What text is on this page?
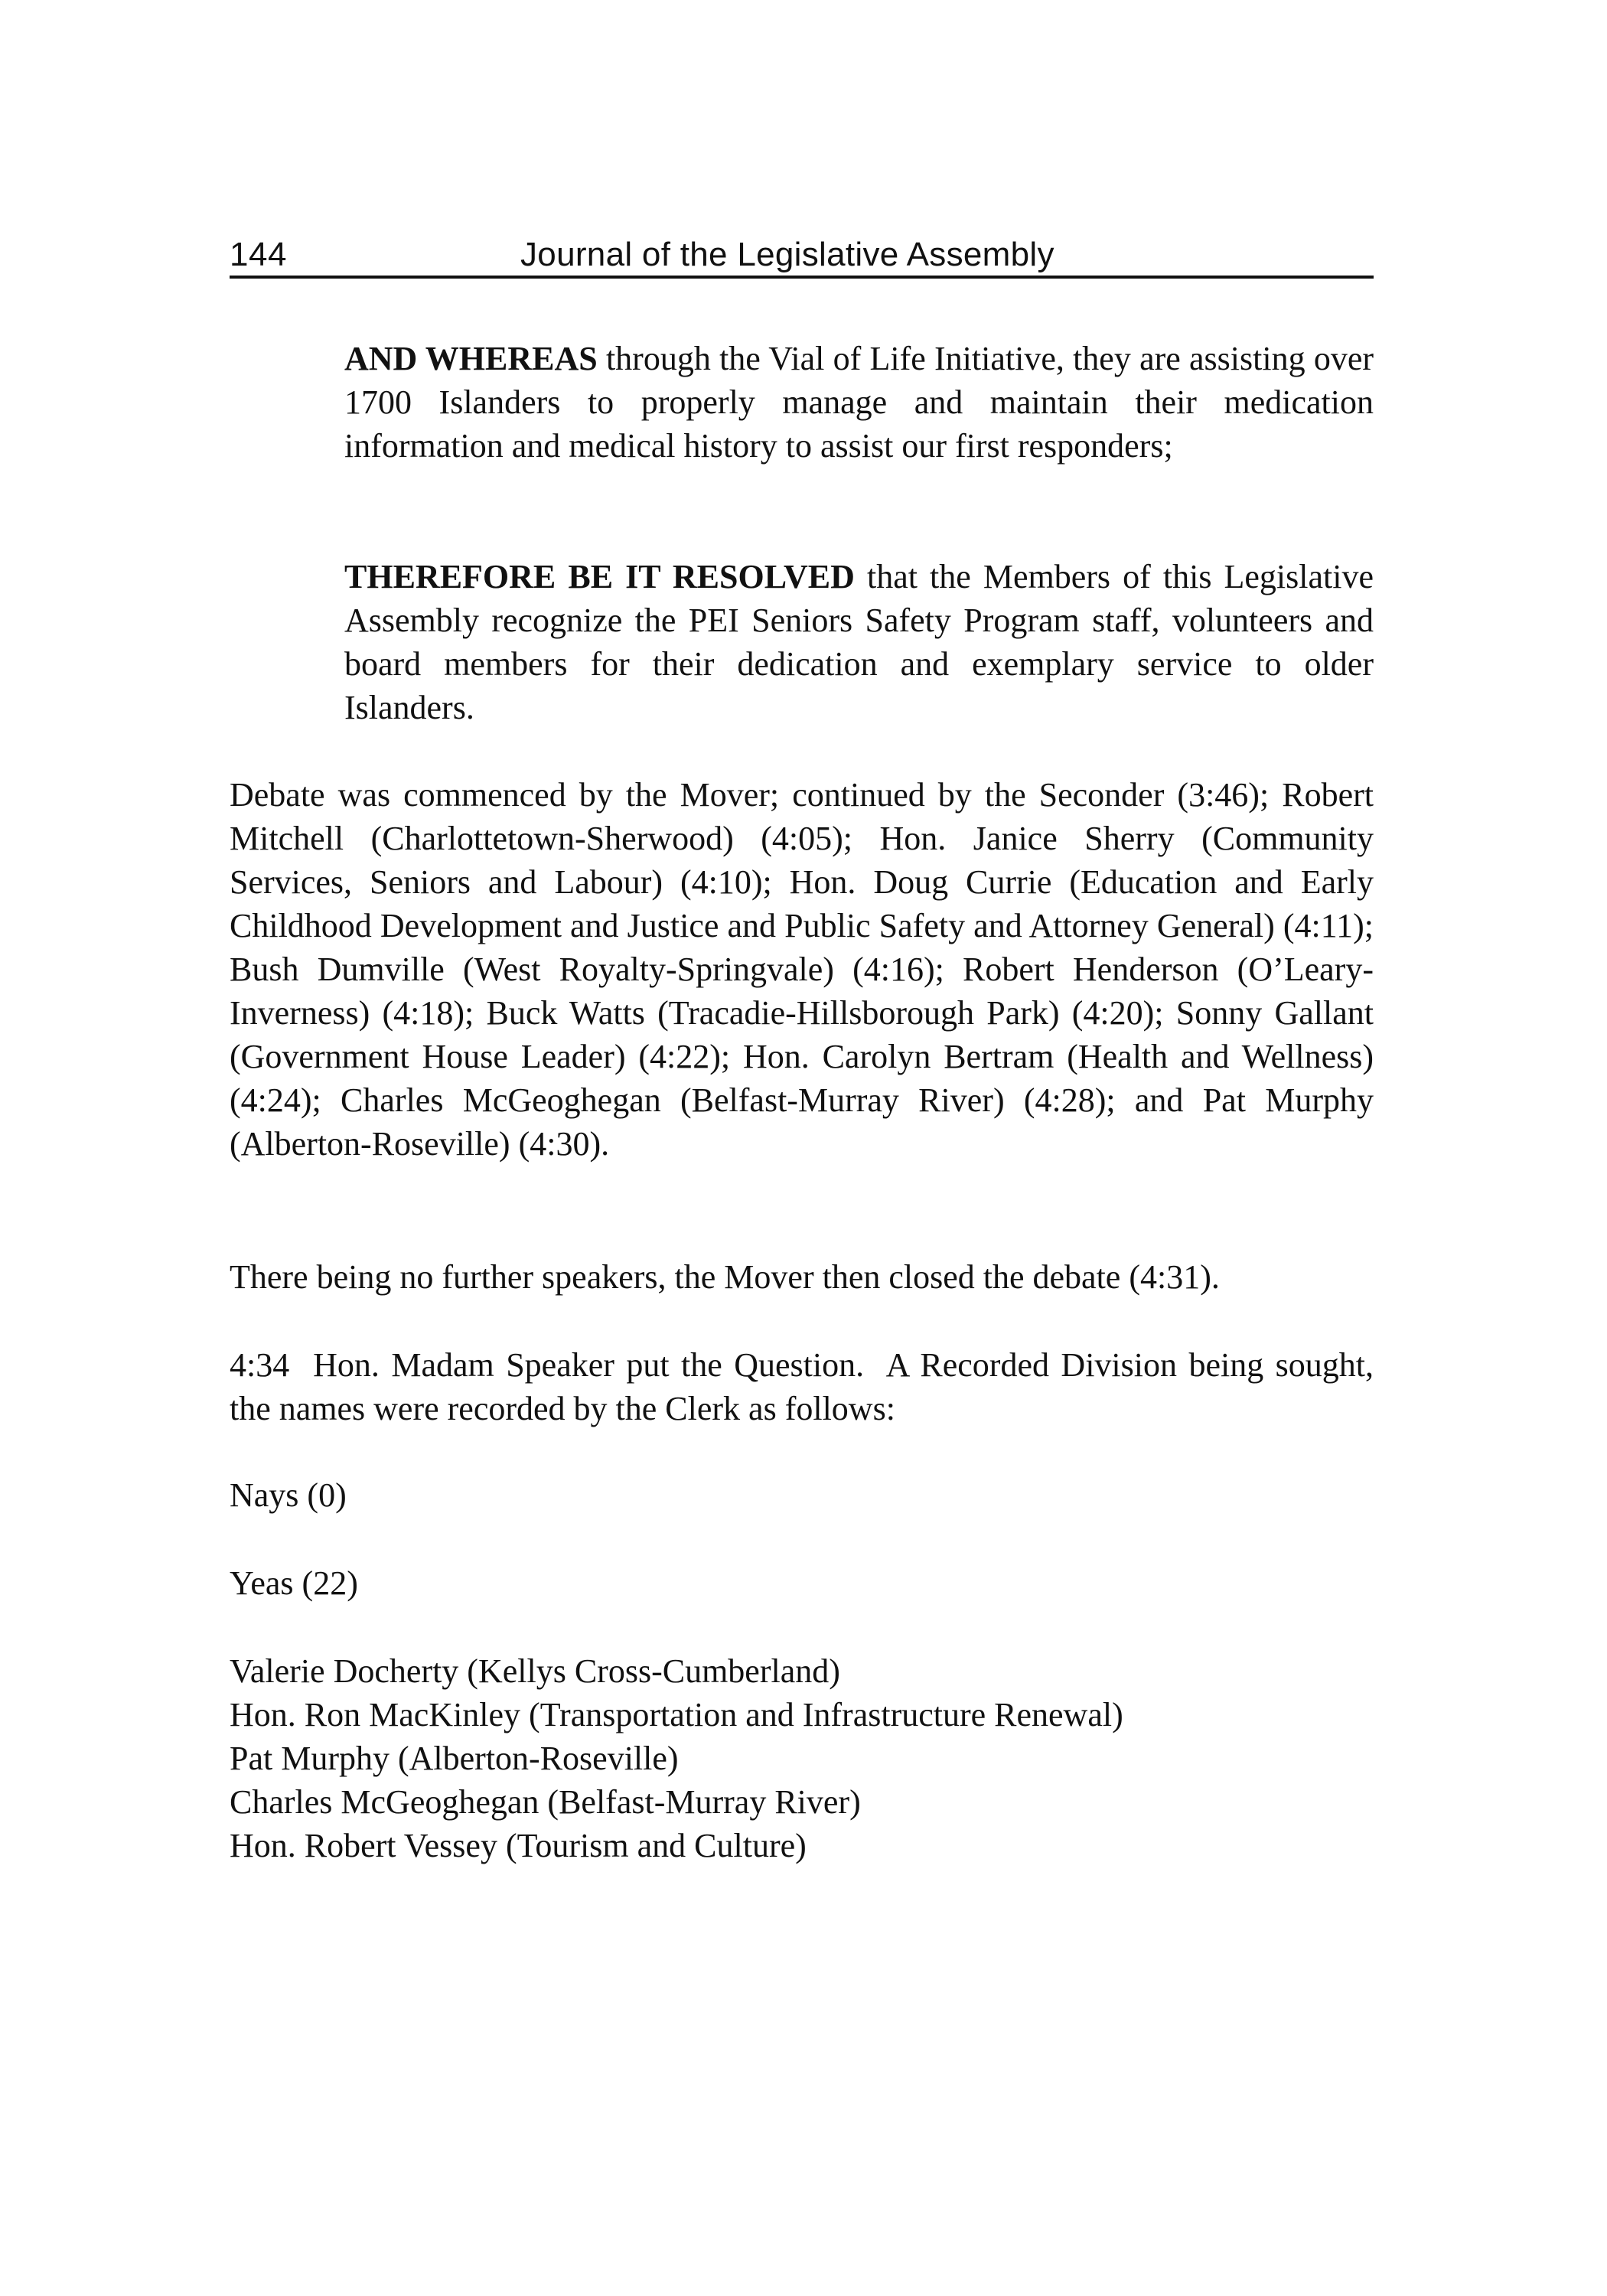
144	Journal of the Legislative Assembly

AND WHEREAS through the Vial of Life Initiative, they are assisting over 1700 Islanders to properly manage and maintain their medication information and medical history to assist our first responders;

THEREFORE BE IT RESOLVED that the Members of this Legislative Assembly recognize the PEI Seniors Safety Program staff, volunteers and board members for their dedication and exemplary service to older Islanders.

Debate was commenced by the Mover; continued by the Seconder (3:46); Robert Mitchell (Charlottetown-Sherwood) (4:05); Hon. Janice Sherry (Community Services, Seniors and Labour) (4:10); Hon. Doug Currie (Education and Early Childhood Development and Justice and Public Safety and Attorney General) (4:11); Bush Dumville (West Royalty-Springvale) (4:16); Robert Henderson (O’Leary-Inverness) (4:18); Buck Watts (Tracadie-Hillsborough Park) (4:20); Sonny Gallant (Government House Leader) (4:22); Hon. Carolyn Bertram (Health and Wellness) (4:24); Charles McGeoghegan (Belfast-Murray River) (4:28); and Pat Murphy (Alberton-Roseville) (4:30).

There being no further speakers, the Mover then closed the debate (4:31).

4:34  Hon. Madam Speaker put the Question.  A Recorded Division being sought, the names were recorded by the Clerk as follows:

Nays (0)

Yeas (22)

Valerie Docherty (Kellys Cross-Cumberland)
Hon. Ron MacKinley (Transportation and Infrastructure Renewal)
Pat Murphy (Alberton-Roseville)
Charles McGeoghegan (Belfast-Murray River)
Hon. Robert Vessey (Tourism and Culture)
